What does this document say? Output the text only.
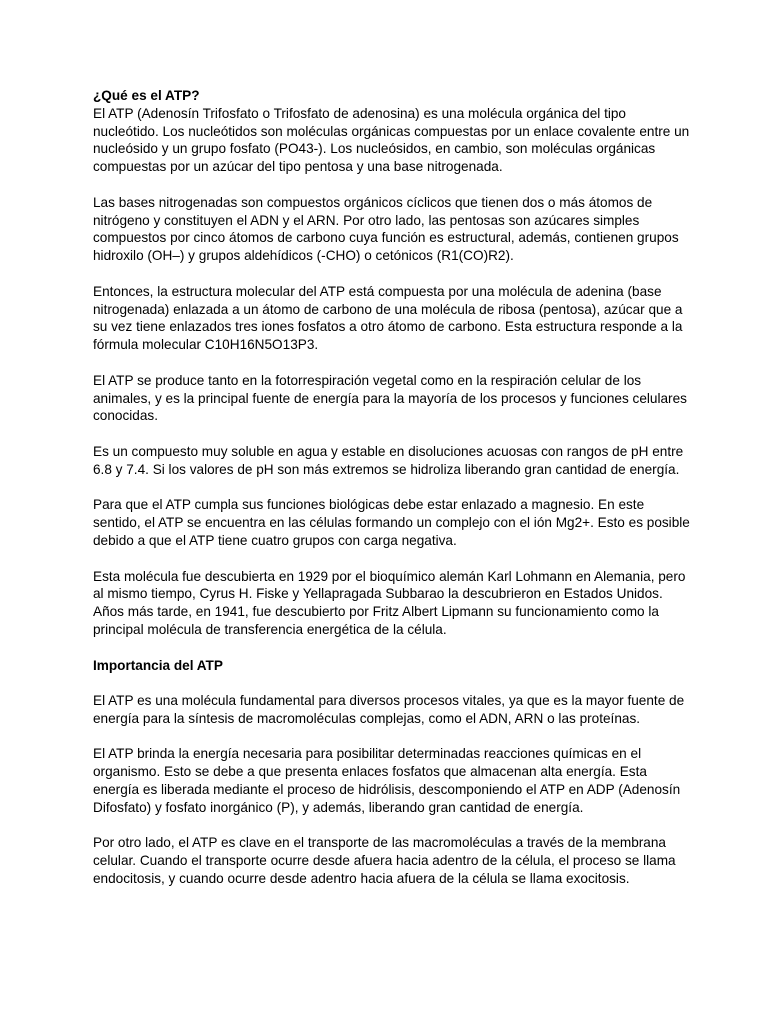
¿Qué es el ATP?
El ATP (Adenosín Trifosfato o Trifosfato de adenosina) es una molécula orgánica del tipo nucleótido. Los nucleótidos son moléculas orgánicas compuestas por un enlace covalente entre un nucleósido y un grupo fosfato (PO43-). Los nucleósidos, en cambio, son moléculas orgánicas compuestas por un azúcar del tipo pentosa y una base nitrogenada.

Las bases nitrogenadas son compuestos orgánicos cíclicos que tienen dos o más átomos de nitrógeno y constituyen el ADN y el ARN. Por otro lado, las pentosas son azúcares simples compuestos por cinco átomos de carbono cuya función es estructural, además, contienen grupos hidroxilo (OH–) y grupos aldehídicos (-CHO) o cetónicos (R1(CO)R2).

Entonces, la estructura molecular del ATP está compuesta por una molécula de adenina (base nitrogenada) enlazada a un átomo de carbono de una molécula de ribosa (pentosa), azúcar que a su vez tiene enlazados tres iones fosfatos a otro átomo de carbono. Esta estructura responde a la fórmula molecular C10H16N5O13P3.

El ATP se produce tanto en la fotorrespiración vegetal como en la respiración celular de los animales, y es la principal fuente de energía para la mayoría de los procesos y funciones celulares conocidas.

Es un compuesto muy soluble en agua y estable en disoluciones acuosas con rangos de pH entre 6.8 y 7.4. Si los valores de pH son más extremos se hidroliza liberando gran cantidad de energía.

Para que el ATP cumpla sus funciones biológicas debe estar enlazado a magnesio. En este sentido, el ATP se encuentra en las células formando un complejo con el ión Mg2+. Esto es posible debido a que el ATP tiene cuatro grupos con carga negativa.

Esta molécula fue descubierta en 1929 por el bioquímico alemán Karl Lohmann en Alemania, pero al mismo tiempo, Cyrus H. Fiske y Yellapragada Subbarao la descubrieron en Estados Unidos. Años más tarde, en 1941, fue descubierto por Fritz Albert Lipmann su funcionamiento como la principal molécula de transferencia energética de la célula.

Importancia del ATP

El ATP es una molécula fundamental para diversos procesos vitales, ya que es la mayor fuente de energía para la síntesis de macromoléculas complejas, como el ADN, ARN o las proteínas.

El ATP brinda la energía necesaria para posibilitar determinadas reacciones químicas en el organismo. Esto se debe a que presenta enlaces fosfatos que almacenan alta energía. Esta energía es liberada mediante el proceso de hidrólisis, descomponiendo el ATP en ADP (Adenosín Difosfato) y fosfato inorgánico (P), y además, liberando gran cantidad de energía.

Por otro lado, el ATP es clave en el transporte de las macromoléculas a través de la membrana celular. Cuando el transporte ocurre desde afuera hacia adentro de la célula, el proceso se llama endocitosis, y cuando ocurre desde adentro hacia afuera de la célula se llama exocitosis.
